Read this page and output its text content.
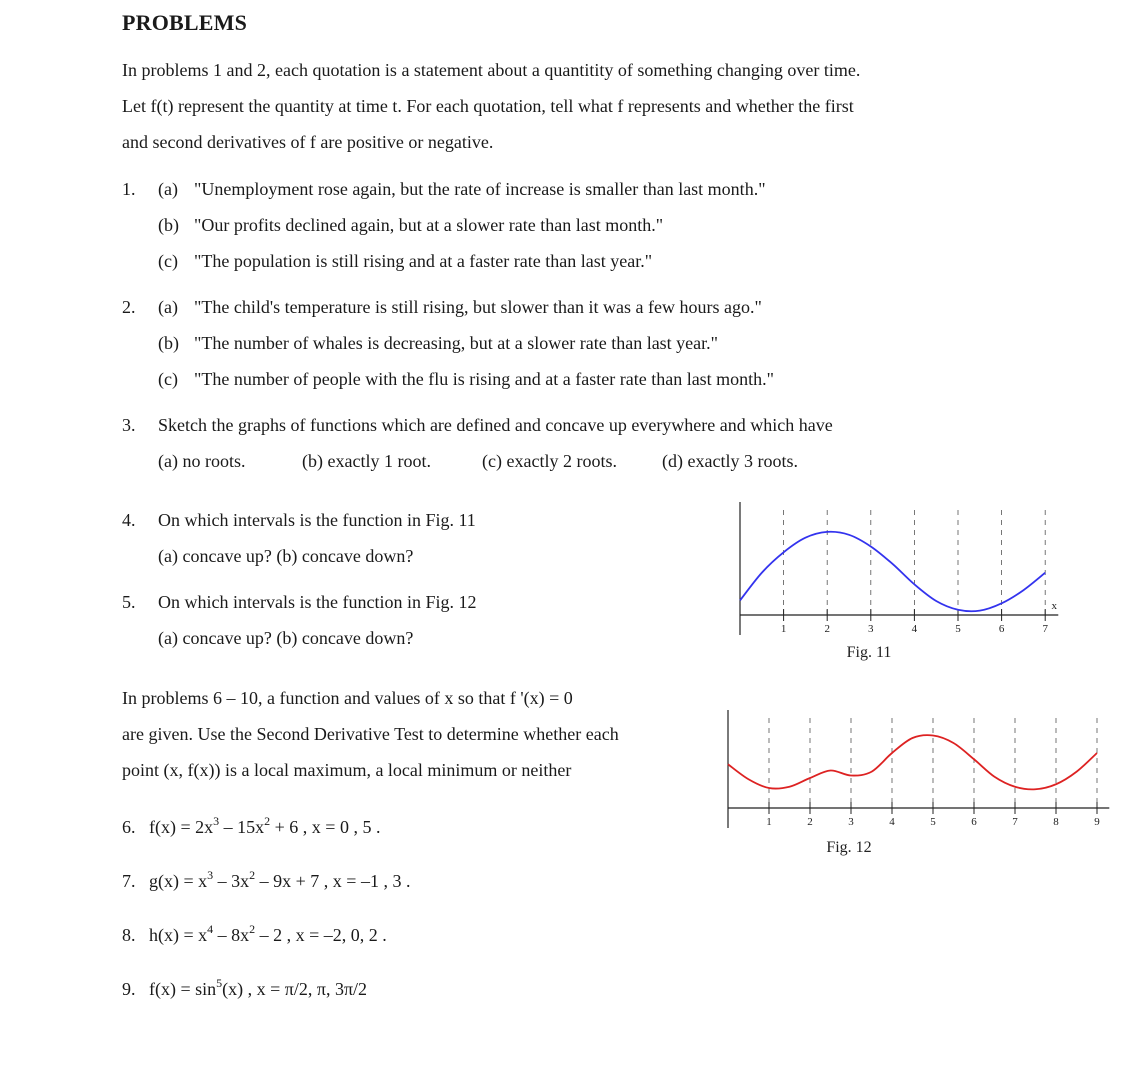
PROBLEMS
In problems 1 and 2, each quotation is a statement about a quantitity of something changing over time.
Let f(t) represent the quantity at time t. For each quotation, tell what f represents and whether the first
and second derivatives of f are positive or negative.
1. (a) "Unemployment rose again, but the rate of increase is smaller than last month."
(b) "Our profits declined again, but at a slower rate than last month."
(c) "The population is still rising and at a faster rate than last year."
2. (a) "The child's temperature is still rising, but slower than it was a few hours ago."
(b) "The number of whales is decreasing, but at a slower rate than last year."
(c) "The number of people with the flu is rising and at a faster rate than last month."
3. Sketch the graphs of functions which are defined and concave up everywhere and which have
(a) no roots.	(b) exactly 1 root.	(c) exactly 2 roots.	(d) exactly 3 roots.
4. On which intervals is the function in Fig. 11
(a) concave up? (b) concave down?
5. On which intervals is the function in Fig. 12
(a) concave up? (b) concave down?
In problems 6 – 10, a function and values of x so that f '(x) = 0
are given. Use the Second Derivative Test to determine whether each
point (x, f(x)) is a local maximum, a local minimum or neither
6. $f(x) = 2x^3 - 15x^2 + 6$ , x = 0 , 5 .
7. $g(x) = x^3 - 3x^2 - 9x + 7$ , x = –1 , 3 .
8. $h(x) = x^4 - 8x^2 - 2$ , x = –2, 0, 2 .
9. $f(x) = \sin^5(x)$ , x = π/2, π, 3π/2
1	2	3	4	5	6	7
x
Fig. 11
1	2	3	4	5	6	7	8	9
Fig. 12
